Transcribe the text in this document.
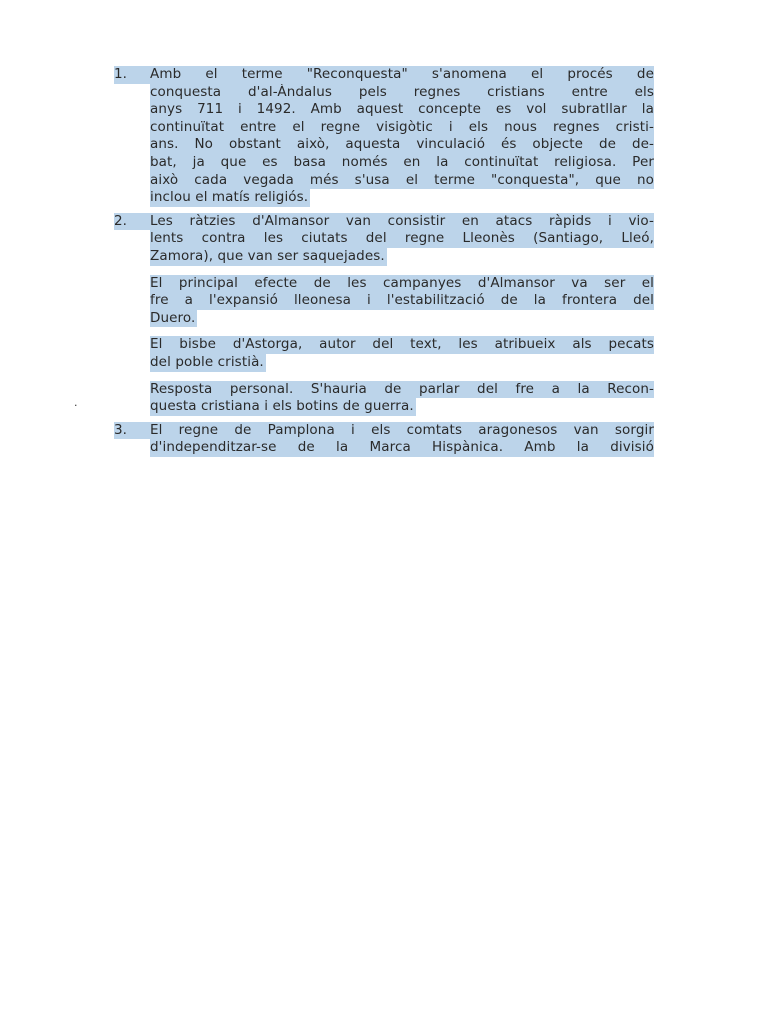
1.	Amb el terme "Reconquesta" s'anomena el procés de
conquesta d'al-Àndalus pels regnes cristians entre els
anys 711 i 1492. Amb aquest concepte es vol subratllar la
continuïtat entre el regne visigòtic i els nous regnes cristi-
ans. No obstant això, aquesta vinculació és objecte de de-
bat, ja que es basa només en la continuïtat religiosa. Per
això cada vegada més s'usa el terme "conquesta", que no
inclou el matís religiós.
2.	Les ràtzies d'Almansor van consistir en atacs ràpids i vio-
lents contra les ciutats del regne Lleonès (Santiago, Lleó,
Zamora), que van ser saquejades.
El principal efecte de les campanyes d'Almansor va ser el
fre a l'expansió lleonesa i l'estabilització de la frontera del
Duero.
El bisbe d'Astorga, autor del text, les atribueix als pecats
del poble cristià.
Resposta personal. S'hauria de parlar del fre a la Recon-
questa cristiana i els botins de guerra.
3.	El regne de Pamplona i els comtats aragonesos van sorgir
d'independitzar-se de la Marca Hispànica. Amb la divisió
.
